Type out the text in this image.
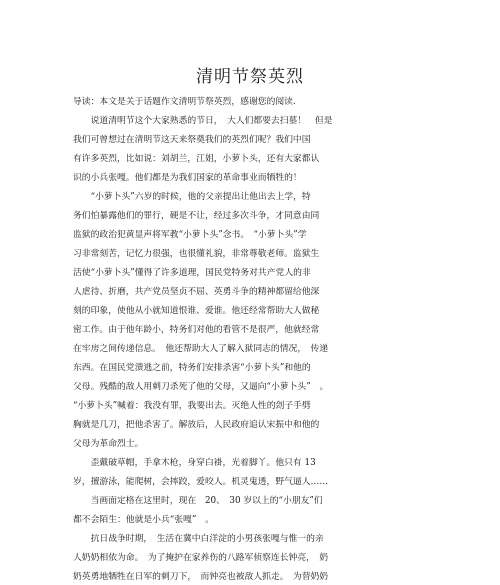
清明节祭英烈
导读：本文是关于话题作文清明节祭英烈，感谢您的阅读.
　　说道清明节这个大家熟悉的节日，　大人们都要去扫墓！　但是
我们可曾想过在清明节这天来祭奠我们的英烈们呢？我们中国
有许多英烈，比如说：刘胡兰，江姐，小萝卜头，还有大家都认
识的小兵张嘎。他们都是为我们国家的革命事业而牺牲的！
　　“小萝卜头”六岁的时候，他的父亲提出让他出去上学，特
务们怕暴露他们的罪行，硬是不让，经过多次斗争，才同意由同
监狱的政治犯黄显声将军教“小萝卜头”念书。　“小萝卜头”学
习非常刻苦，记忆力很强，也很懂礼貌，非常尊敬老师。监狱生
活使“小萝卜头”懂得了许多道理，国民党特务对共产党人的非
人虐待、折磨，共产党员坚贞不屈、英勇斗争的精神都留给他深
刻的印象，使他从小就知道恨谁、爱谁。他还经常帮助大人做秘
密工作。由于他年龄小，特务们对他的看管不是很严，他就经常
在牢房之间传递信息。　他还帮助大人了解入狱同志的情况，　传递
东西。在国民党溃逃之前，特务们安排杀害“小萝卜头”和他的
父母。残酷的敌人用刺刀杀死了他的父母，又逼向“小萝卜头”　。
“小萝卜头”喊着：我没有罪，我要出去。灭绝人性的刽子手劈
胸就是几刀，把他杀害了。解放后，人民政府追认宋振中和他的
父母为革命烈士。
　　歪戴破草帽，手拿木枪，身穿白褂，光着脚丫。他只有 13
岁，擅游泳，能爬树，会摔跤，爱咬人。机灵鬼透，野气逼人……
　　当画面定格在这里时，现在　20、　30 岁以上的“小朋友”们
都不会陌生：他就是小兵“张嘎”　。
　　抗日战争时期，　生活在冀中白洋淀的小男孩张嘎与惟一的亲
人奶奶相依为命。　为了掩护在家养伤的八路军侦察连长钟亮，　奶
奶英勇地牺牲在日军的刺刀下，　而钟亮也被敌人抓走。　为替奶奶
